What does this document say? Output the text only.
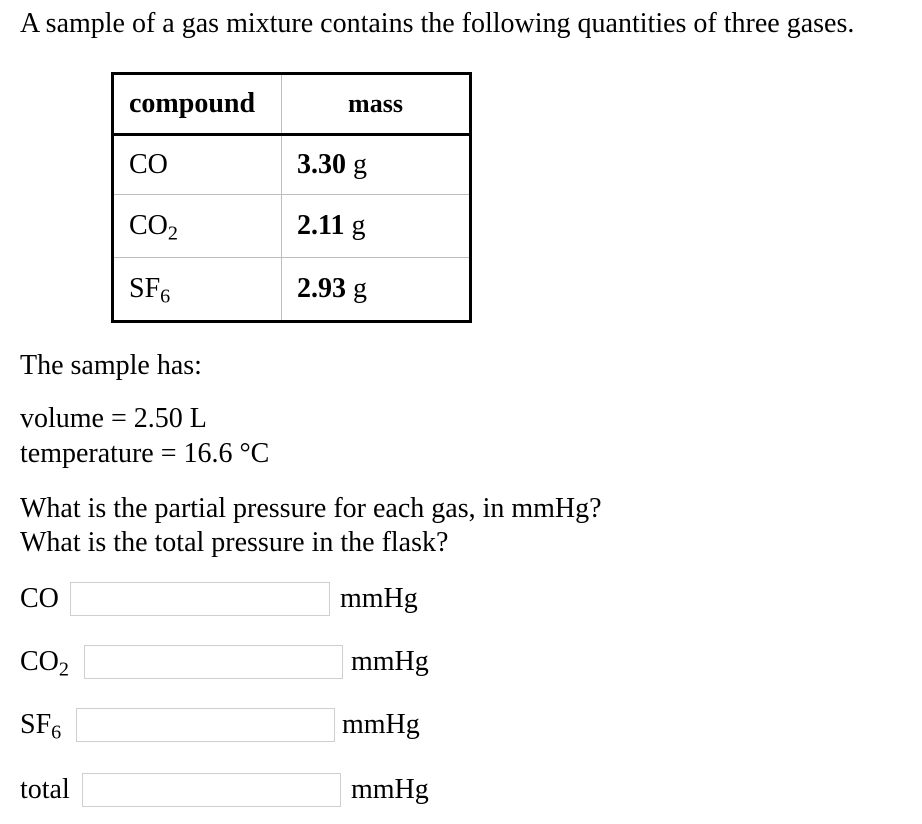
A sample of a gas mixture contains the following quantities of three gases.
compound	mass
CO	3.30 g
$CO_2$	2.11 g
$SF_6$	2.93 g
The sample has:
volume = 2.50 L
temperature = 16.6 °C
What is the partial pressure for each gas, in mmHg?
What is the total pressure in the flask?
CO	mmHg
$CO_2$	mmHg
$SF_6$	mmHg
total	mmHg
